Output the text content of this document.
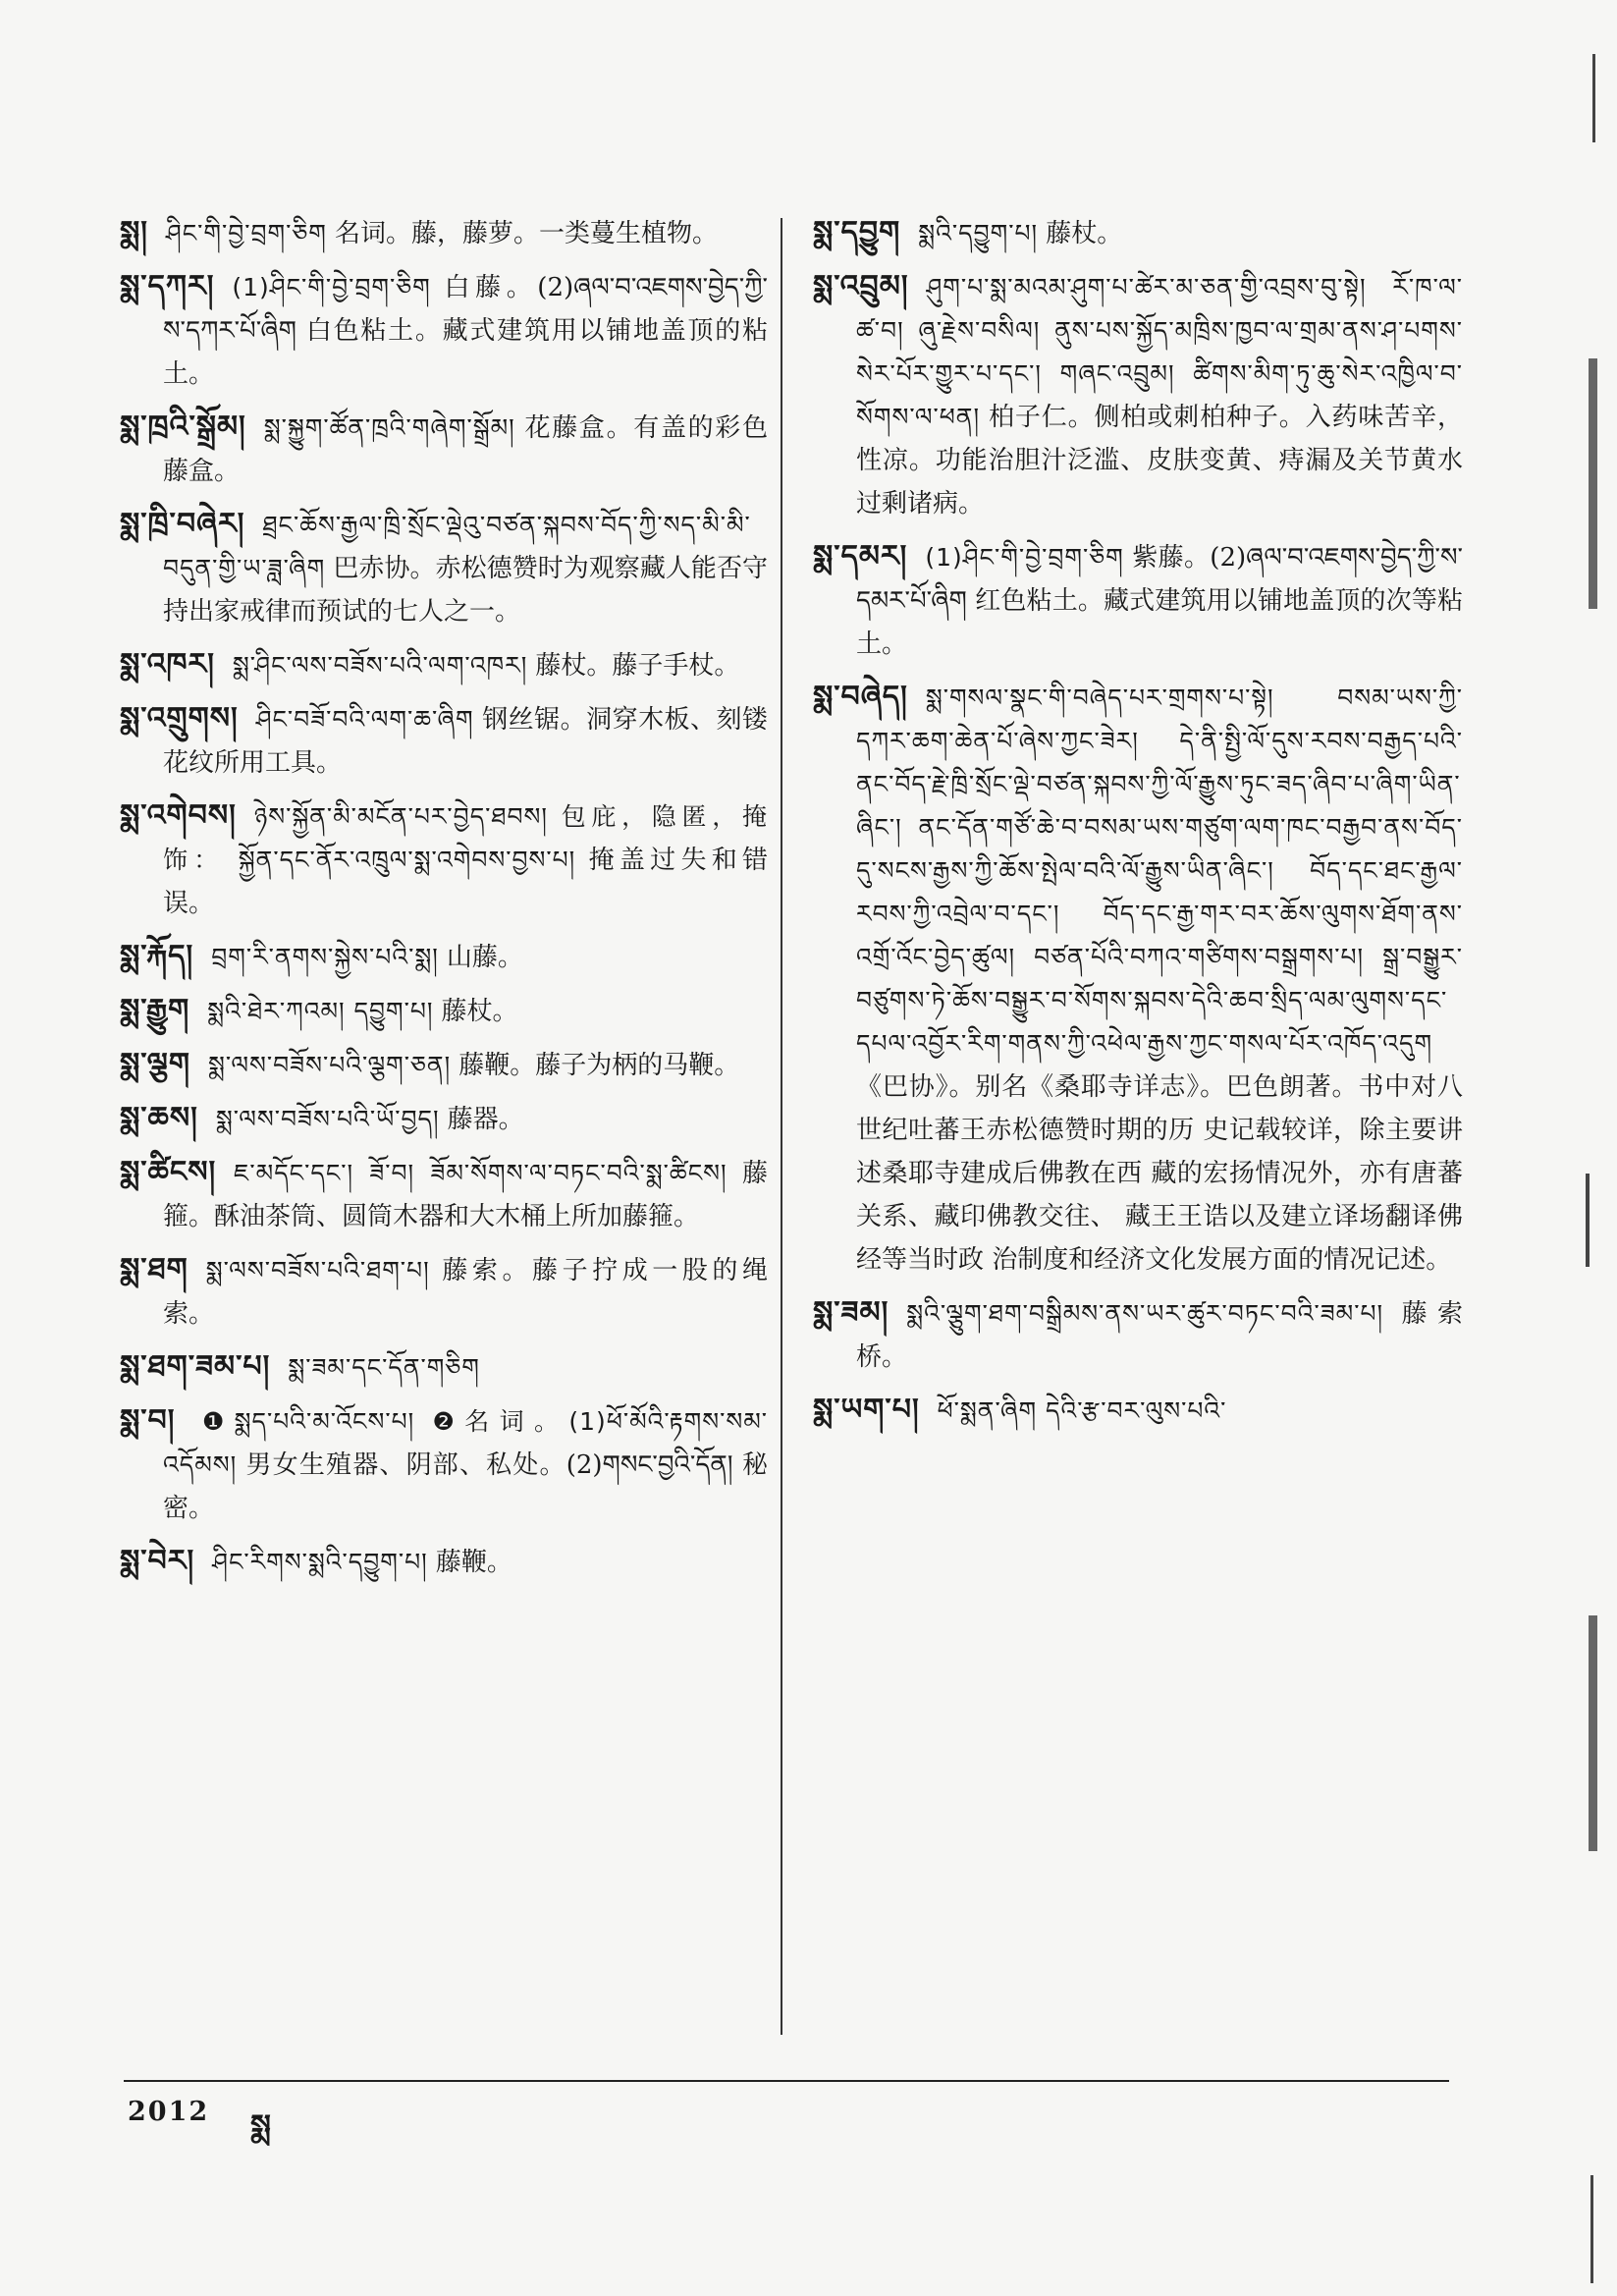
སྨ། ཤིང་གི་བྱེ་བྲག་ཅིག 名词。藤，藤萝。一类蔓生植物。

སྨ་དཀར། (1)ཤིང་གི་བྱེ་བྲག་ཅིག 白藤。(2)ཞལ་བ་འཇགས་བྱེད་ཀྱི་ས་དཀར་པོ་ཞིག 白色粘土。藏式建筑用以铺地盖顶的粘土。

སྨ་ཁྲའི་སྒྲོམ། སྨ་སྐྱུག་ཚོན་ཁྲའི་གཞེག་སྒྲོམ། 花藤盒。有盖的彩色藤盒。

སྨ་ཁྲི་བཞེར། ཐྲང་ཆོས་རྒྱལ་ཁྲི་སྲོང་ལྡེའུ་བཙན་སྐབས་བོད་ཀྱི་སད་མི་མི་བདུན་གྱི་ཡ་ཟླ་ཞིག 巴赤协。赤松德赞时为观察藏人能否守持出家戒律而预试的七人之一。

སྨ་འཁར། སྨ་ཤིང་ལས་བཟོས་པའི་ལག་འཁར། 藤杖。藤子手杖。

སྨ་འགྲུགས། ཤིང་བཟོ་བའི་ལག་ཆ་ཞིག 钢丝锯。洞穿木板、刻镂花纹所用工具。

སྨ་འགེབས། ཉེས་སྐྱོན་མི་མངོན་པར་བྱེད་ཐབས། 包庇，隐匿，掩饰： སྐྱོན་དང་ནོར་འཁྲུལ་སྨ་འགེབས་བྱས་པ། 掩盖过失和错误。

སྨ་རྐོད། བྲག་རི་ནགས་སྐྱེས་པའི་སྨ། 山藤。

སྨ་རྒྱུག སྨའི་ཐེར་ཀའམ། དབྱུག་པ། 藤杖。

སྨ་ལྕག སྨ་ལས་བཟོས་པའི་ལྕག་ཅན། 藤鞭。藤子为柄的马鞭。

སྨ་ཆས། སྨ་ལས་བཟོས་པའི་ཡོ་བྱད། 藤器。

སྨ་ཚིངས། ཇ་མདོང་དང་། ཟོ་བ། ཟོམ་སོགས་ལ་བཏང་བའི་སྨ་ཚིངས། 藤箍。酥油茶筒、圆筒木器和大木桶上所加藤箍。

སྨ་ཐག སྨ་ལས་བཟོས་པའི་ཐག་པ། 藤索。藤子拧成一股的绳索。

སྨ་ཐག་ཟམ་པ། སྨ་ཟམ་དང་དོན་གཅིག

སྨ་བ། ❶སྨད་པའི་མ་འོངས་པ། ❷名词。(1)ཕོ་མོའི་རྟགས་སམ་འདོམས། 男女生殖器、阴部、私处。(2)གསང་བྱའི་དོན། 秘密。

སྨ་བེར། ཤིང་རིགས་སྨའི་དབྱུག་པ། 藤鞭。

སྨ་དབྱུག སྨའི་དབྱུག་པ། 藤杖。

སྨ་འབྲུམ། ཤུག་པ་སྨ་མའམ་ཤུག་པ་ཚེར་མ་ཅན་གྱི་འབྲས་བུ་སྟེ། རོ་ཁ་ལ་ཚ་བ། ཞུ་རྗེས་བསིལ། ནུས་པས་སྐྱོད་མཁྲིས་ཁྱབ་ལ་གྲམ་ནས་ཤ་པགས་སེར་པོར་གྱུར་པ་དང་། གཞང་འབྲུམ། ཚིགས་མིག་ཏུ་ཆུ་སེར་འཁྱིལ་བ་སོགས་ལ་ཕན། 柏子仁。侧柏或刺柏种子。入药味苦辛，性凉。功能治胆汁泛滥、皮肤变黄、痔漏及关节黄水过剩诸病。

སྨ་དམར། (1)ཤིང་གི་བྱེ་བྲག་ཅིག 紫藤。(2)ཞལ་བ་འཇགས་བྱེད་ཀྱི་ས་དམར་པོ་ཞིག 红色粘土。藏式建筑用以铺地盖顶的次等粘土。

སྨ་བཞེད། སྨ་གསལ་སྣང་གི་བཞེད་པར་གྲགས་པ་སྟེ། བསམ་ཡས་ཀྱི་དཀར་ཆག་ཆེན་པོ་ཞེས་ཀྱང་ཟེར། དེ་ནི་སྤྱི་ལོ་དུས་རབས་བརྒྱད་པའི་ནང་བོད་རྗེ་ཁྲི་སྲོང་ལྡེ་བཙན་སྐབས་ཀྱི་ལོ་རྒྱུས་ཏུང་ཟད་ཞིབ་པ་ཞིག་ཡིན་ཞིང་། ནང་དོན་གཙོ་ཆེ་བ་བསམ་ཡས་གཙུག་ལག་ཁང་བརྒྱབ་ནས་བོད་དུ་སངས་རྒྱས་ཀྱི་ཆོས་སྤེལ་བའི་ལོ་རྒྱུས་ཡིན་ཞིང་། བོད་དང་ཐང་རྒྱལ་རབས་ཀྱི་འབྲེལ་བ་དང་། བོད་དང་རྒྱ་གར་བར་ཆོས་ལུགས་ཐོག་ནས་འགྲོ་འོང་བྱེད་ཚུལ། བཙན་པོའི་བཀའ་གཙིགས་བསྒྲགས་པ། སྒྲ་བསྒྱུར་བཙུགས་ཏེ་ཆོས་བསྒྱུར་བ་སོགས་སྐབས་དེའི་ཆབ་སྲིད་ལམ་ལུགས་དང་དཔལ་འབྱོར་རིག་གནས་ཀྱི་འཕེལ་རྒྱས་ཀྱང་གསལ་པོར་འཁོད་འདུག 《巴协》。别名《桑耶寺详志》。巴色朗著。书中对八世纪吐蕃王赤松德赞时期的历 史记载较详，除主要讲述桑耶寺建成后佛教在西 藏的宏扬情况外，亦有唐蕃关系、藏印佛教交往、 藏王王诰以及建立译场翻译佛经等当时政 治制度和经济文化发展方面的情况记述。

སྨ་ཟམ། སྨའི་ལྕུག་ཐག་བསྒྲིམས་ནས་ཡར་ཚུར་བཏང་བའི་ཟམ་པ། 藤索桥。

སྨ་ཡག་པ། ཕོ་སྨན་ཞིག དེའི་རྩ་བར་ལུས་པའི་

2012 སྨ
